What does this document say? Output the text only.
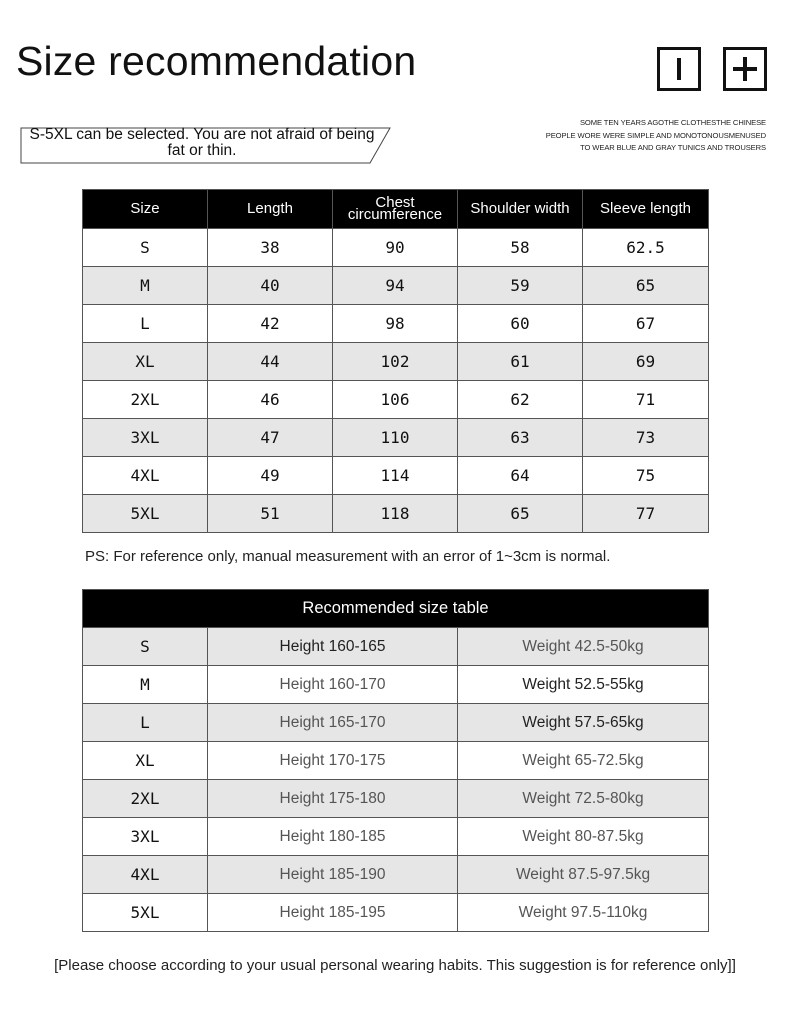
Size recommendation
SOME TEN YEARS AGOTHE CLOTHESTHE CHINESE
PEOPLE WORE WERE SIMPLE AND MONOTONOUSMENUSED
TO WEAR BLUE AND GRAY TUNICS AND TROUSERS
S-5XL can be selected. You are not afraid of being fat or thin.
Size	Length	Chest circumference	Shoulder width	Sleeve length
S	38	90	58	62.5
M	40	94	59	65
L	42	98	60	67
XL	44	102	61	69
2XL	46	106	62	71
3XL	47	110	63	73
4XL	49	114	64	75
5XL	51	118	65	77
PS: For reference only, manual measurement with an error of 1~3cm is normal.
Recommended size table		
S	Height 160-165	Weight 42.5-50kg
M	Height 160-170	Weight 52.5-55kg
L	Height 165-170	Weight 57.5-65kg
XL	Height 170-175	Weight 65-72.5kg
2XL	Height 175-180	Weight 72.5-80kg
3XL	Height 180-185	Weight 80-87.5kg
4XL	Height 185-190	Weight 87.5-97.5kg
5XL	Height 185-195	Weight 97.5-110kg
[Please choose according to your usual personal wearing habits. This suggestion is for reference only]]
